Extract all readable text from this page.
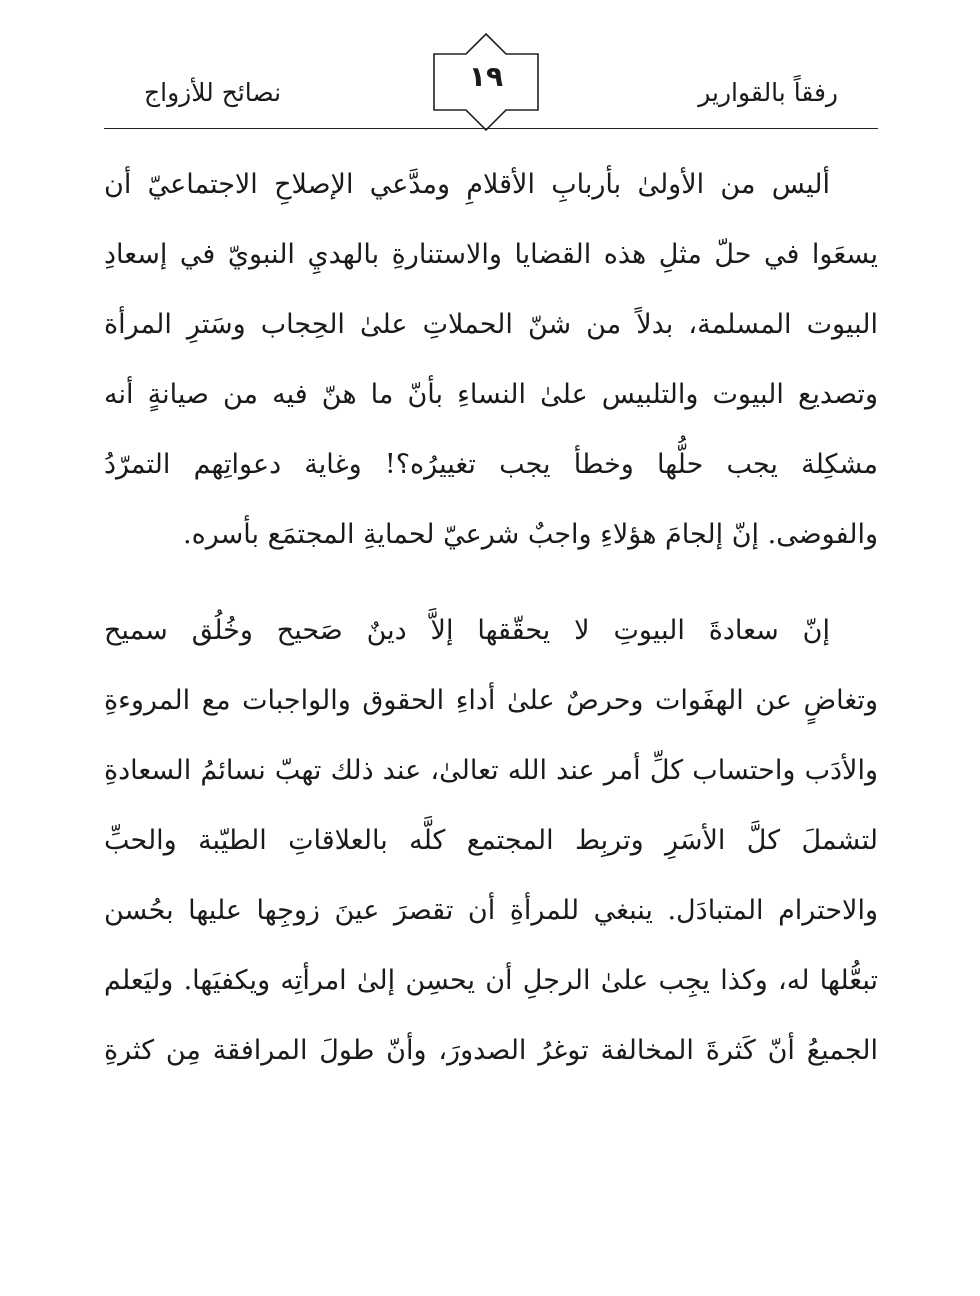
رفقاً بالقوارير
١٩
نصائح للأزواج
أليس من الأولىٰ بأربابِ الأقلامِ ومدَّعي الإصلاحِ الاجتماعيّ أن
يسعَوا في حلّ مثلِ هذه القضايا والاستنارةِ بالهديِ النبويّ في إسعادِ
البيوت المسلمة، بدلاً من شنّ الحملاتِ علىٰ الحِجاب وسَترِ المرأة
وتصديع البيوت والتلبيس علىٰ النساءِ بأنّ ما هنّ فيه من صيانةٍ أنه
مشكِلة يجب حلُّها وخطأ يجب تغييرُه؟! وغاية دعواتِهم التمرّدُ
والفوضى. إنّ إلجامَ هؤلاءِ واجبٌ شرعيّ لحمايةِ المجتمَع بأسره.
إنّ سعادةَ البيوتِ لا يحقّقها إلاَّ دينٌ صَحيح وخُلُق سميح
وتغاضٍ عن الهفَوات وحرصٌ علىٰ أداءِ الحقوق والواجبات مع المروءةِ
والأدَب واحتساب كلِّ أمر عند الله تعالىٰ، عند ذلك تهبّ نسائمُ السعادةِ
لتشملَ كلَّ الأسَرِ وتربِط المجتمع كلَّه بالعلاقاتِ الطيّبة والحبِّ
والاحترام المتبادَل. ينبغي للمرأةِ أن تقصرَ عينَ زوجِها عليها بحُسن
تبعُّلها له، وكذا يجِب علىٰ الرجلِ أن يحسِن إلىٰ امرأتِه ويكفيَها. وليَعلم
الجميعُ أنّ كَثرةَ المخالفة توغرُ الصدورَ، وأنّ طولَ المرافقة مِن كثرةِ
